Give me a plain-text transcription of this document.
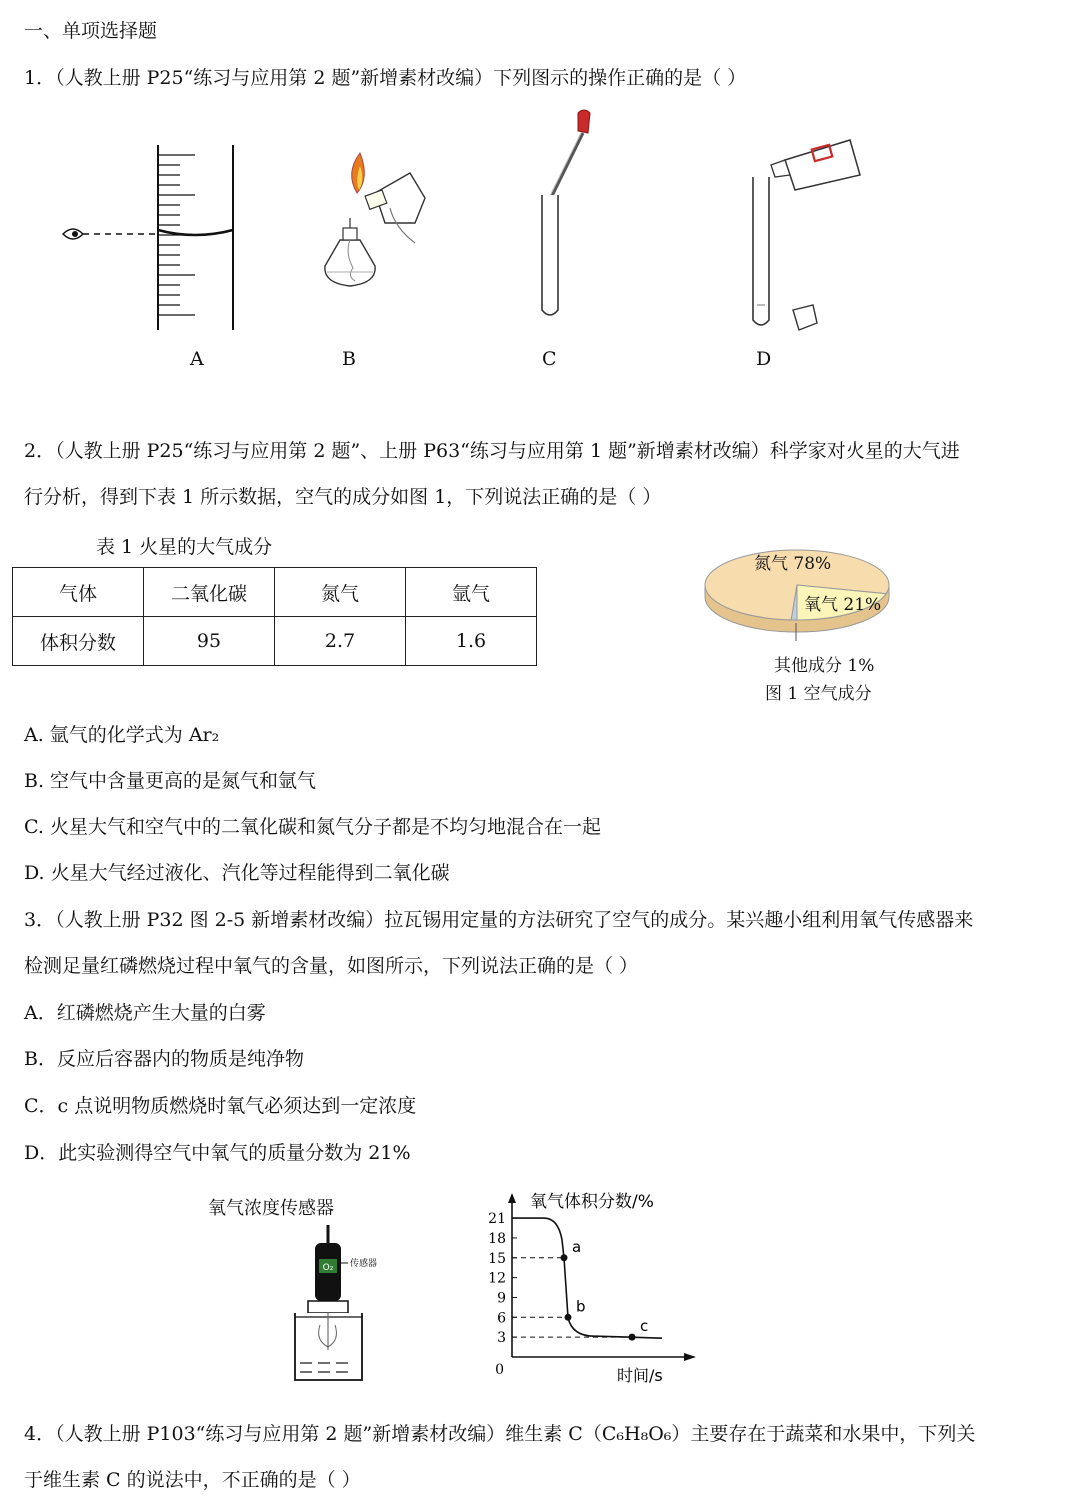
一、单项选择题
1．（人教上册 P25“练习与应用第 2 题”新增素材改编）下列图示的操作正确的是（ ）
A	B	C	D
2．（人教上册 P25“练习与应用第 2 题”、上册 P63“练习与应用第 1 题”新增素材改编）科学家对火星的大气进
行分析，得到下表 1 所示数据，空气的成分如图 1，下列说法正确的是（ ）
表 1 火星的大气成分
气体	二氧化碳	氮气	氩气
体积分数	95	2.7	1.6
氮气 78%
氧气 21%
其他成分 1%
图 1 空气成分
A. 氩气的化学式为 Ar₂
B. 空气中含量更高的是氮气和氩气
C. 火星大气和空气中的二氧化碳和氮气分子都是不均匀地混合在一起
D. 火星大气经过液化、汽化等过程能得到二氧化碳
3．（人教上册 P32 图 2-5 新增素材改编）拉瓦锡用定量的方法研究了空气的成分。某兴趣小组利用氧气传感器来
检测足量红磷燃烧过程中氧气的含量，如图所示，下列说法正确的是（ ）
A．红磷燃烧产生大量的白雾
B．反应后容器内的物质是纯净物
C．c 点说明物质燃烧时氧气必须达到一定浓度
D．此实验测得空气中氧气的质量分数为 21%
氧气浓度传感器
O₂ 传感器
氧气体积分数/%
时间/s
0
3
6
9
12
15
18
21
a
b
c
4．（人教上册 P103“练习与应用第 2 题”新增素材改编）维生素 C（C₆H₈O₆）主要存在于蔬菜和水果中，下列关
于维生素 C 的说法中，不正确的是（ ）
